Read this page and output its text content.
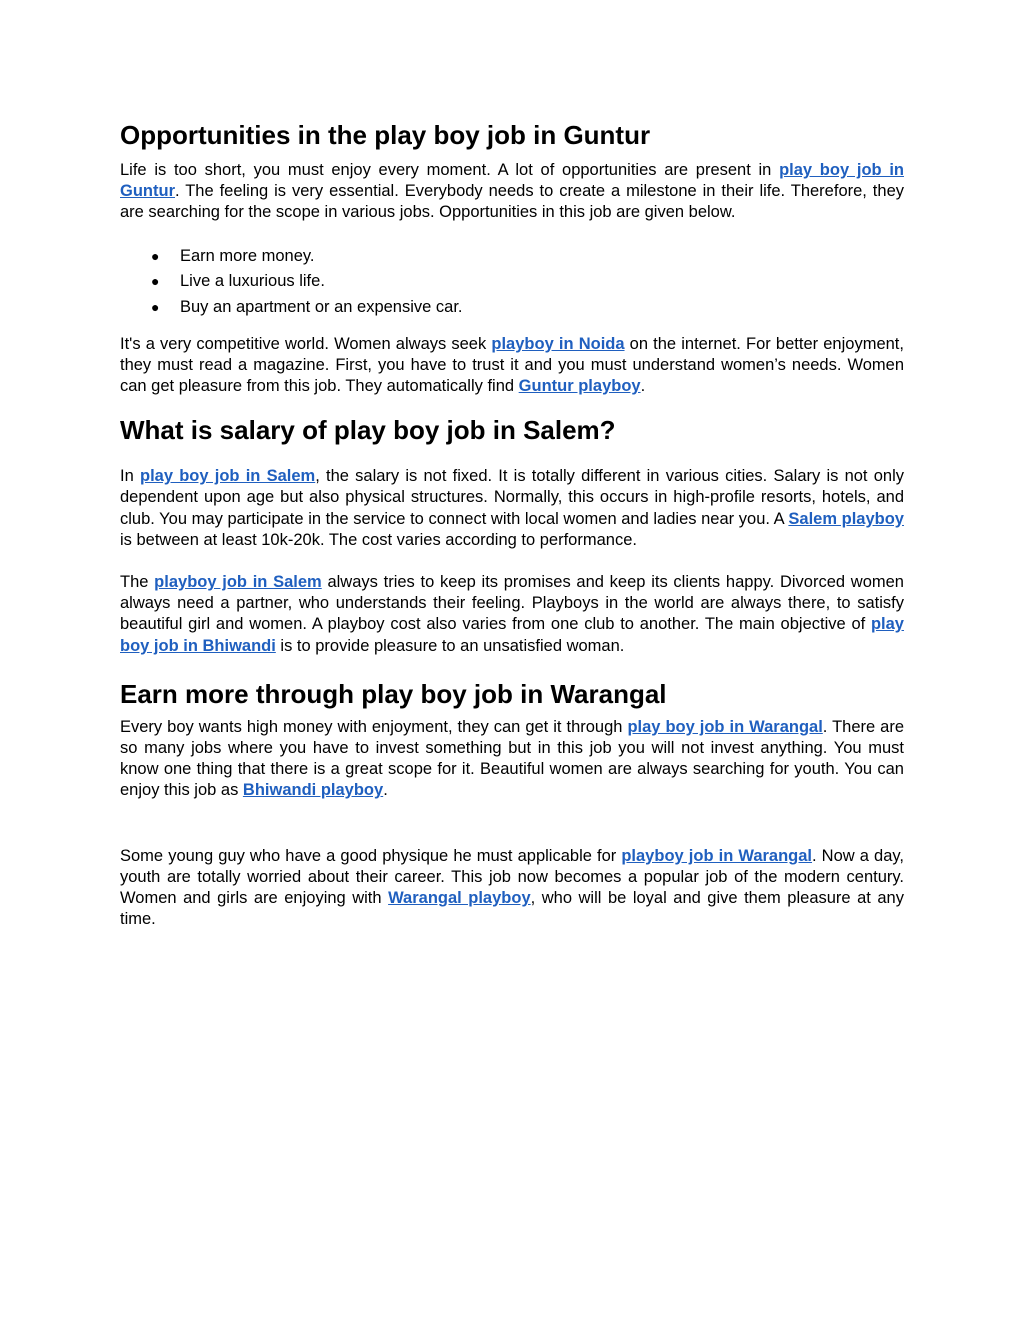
Opportunities in the play boy job in Guntur

Life is too short, you must enjoy every moment. A lot of opportunities are present in play boy job in Guntur. The feeling is very essential. Everybody needs to create a milestone in their life. Therefore, they are searching for the scope in various jobs. Opportunities in this job are given below.

● Earn more money.
● Live a luxurious life.
● Buy an apartment or an expensive car.

It's a very competitive world. Women always seek playboy in Noida on the internet. For better enjoyment, they must read a magazine. First, you have to trust it and you must understand women’s needs. Women can get pleasure from this job. They automatically find Guntur playboy.

What is salary of play boy job in Salem?

In play boy job in Salem, the salary is not fixed. It is totally different in various cities. Salary is not only dependent upon age but also physical structures. Normally, this occurs in high-profile resorts, hotels, and club. You may participate in the service to connect with local women and ladies near you. A Salem playboy is between at least 10k-20k. The cost varies according to performance.

The playboy job in Salem always tries to keep its promises and keep its clients happy. Divorced women always need a partner, who understands their feeling. Playboys in the world are always there, to satisfy beautiful girl and women. A playboy cost also varies from one club to another. The main objective of play boy job in Bhiwandi is to provide pleasure to an unsatisfied woman.

Earn more through play boy job in Warangal

Every boy wants high money with enjoyment, they can get it through play boy job in Warangal. There are so many jobs where you have to invest something but in this job you will not invest anything. You must know one thing that there is a great scope for it. Beautiful women are always searching for youth. You can enjoy this job as Bhiwandi playboy.

Some young guy who have a good physique he must applicable for playboy job in Warangal. Now a day, youth are totally worried about their career. This job now becomes a popular job of the modern century. Women and girls are enjoying with Warangal playboy, who will be loyal and give them pleasure at any time.
